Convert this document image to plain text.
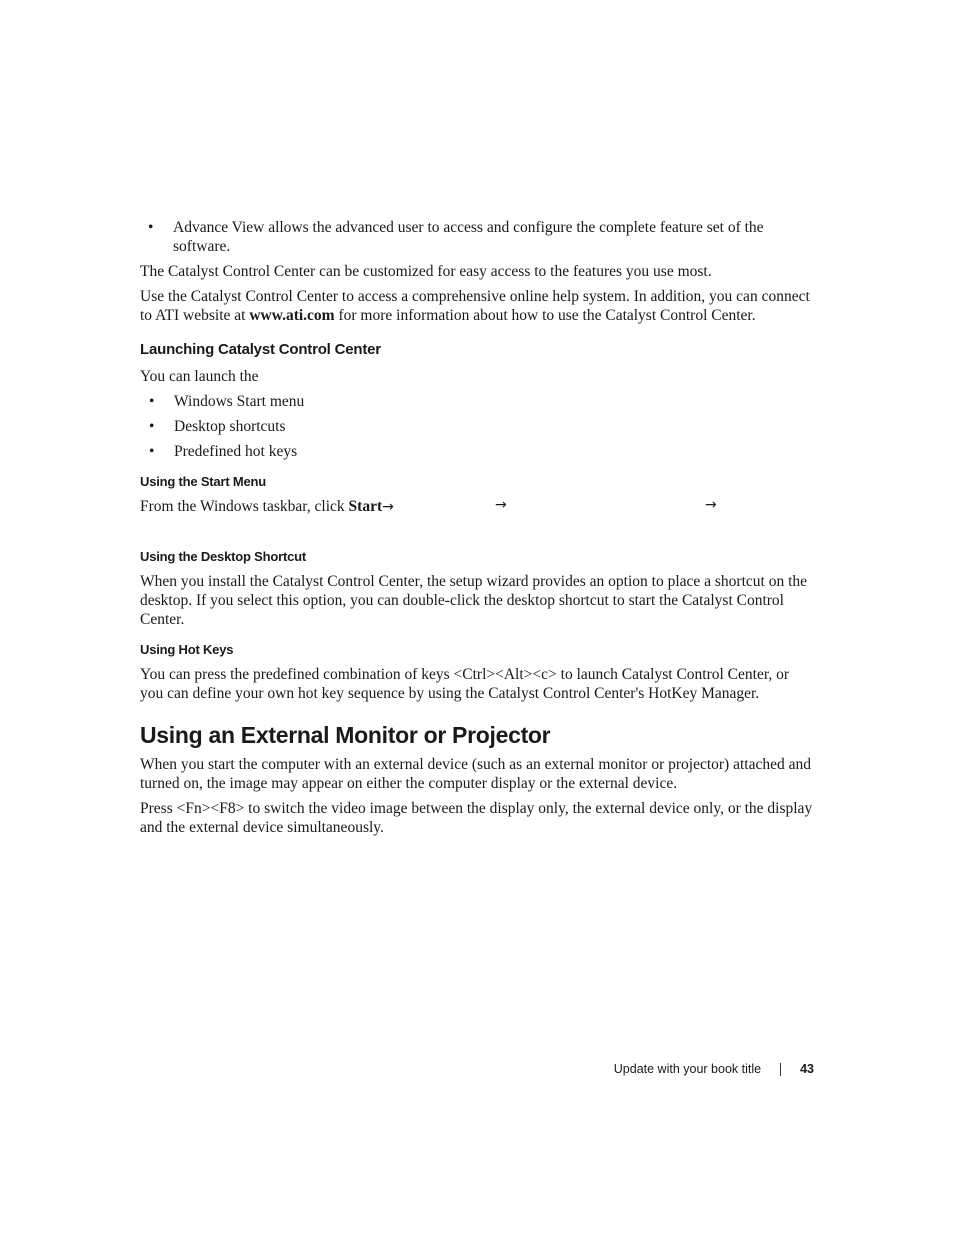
• Advance View allows the advanced user to access and configure the complete feature set of the software.

The Catalyst Control Center can be customized for easy access to the features you use most.

Use the Catalyst Control Center to access a comprehensive online help system. In addition, you can connect to ATI website at www.ati.com for more information about how to use the Catalyst Control Center.

Launching Catalyst Control Center

You can launch the

• Windows Start menu
• Desktop shortcuts
• Predefined hot keys
Using the Start Menu

From the Windows taskbar, click Start→	→	→
Using the Desktop Shortcut

When you install the Catalyst Control Center, the setup wizard provides an option to place a shortcut on the desktop. If you select this option, you can double-click the desktop shortcut to start the Catalyst Control Center.

Using Hot Keys

You can press the predefined combination of keys <Ctrl><Alt><c> to launch Catalyst Control Center, or you can define your own hot key sequence by using the Catalyst Control Center's HotKey Manager.

Using an External Monitor or Projector

When you start the computer with an external device (such as an external monitor or projector) attached and turned on, the image may appear on either the computer display or the external device.

Press <Fn><F8> to switch the video image between the display only, the external device only, or the display and the external device simultaneously.

Update with your book title	43
